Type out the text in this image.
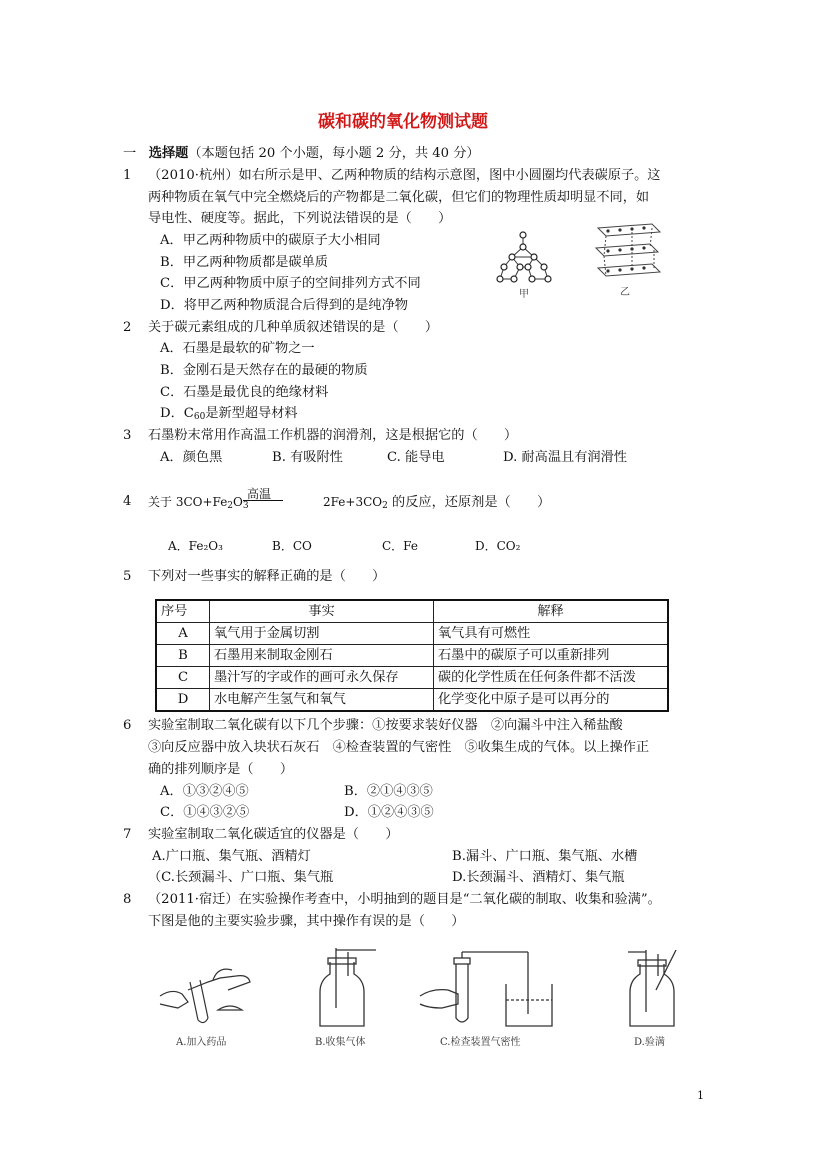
碳和碳的氧化物测试题
一 选择题（本题包括 20 个小题，每小题 2 分，共 40 分）
1 （2010·杭州）如右所示是甲、乙两种物质的结构示意图，图中小圆圈均代表碳原子。这
两种物质在氧气中完全燃烧后的产物都是二氧化碳，但它们的物理性质却明显不同，如
导电性、硬度等。据此，下列说法错误的是（　　）
A．甲乙两种物质中的碳原子大小相同
B．甲乙两种物质都是碳单质
C．甲乙两种物质中原子的空间排列方式不同
D．将甲乙两种物质混合后得到的是纯净物
甲	乙
2 关于碳元素组成的几种单质叙述错误的是（　　）
A．石墨是最软的矿物之一
B．金刚石是天然存在的最硬的物质
C．石墨是最优良的绝缘材料
D．$C_{60}$是新型超导材料
3 石墨粉末常用作高温工作机器的润滑剂，这是根据它的（　　）
A．颜色黑	B. 有吸附性	C. 能导电	D. 耐高温且有润滑性
4 关于 $3CO+Fe_2O_3$
高温
$2Fe+3CO_2$ 的反应，还原剂是（　　）
A．Fe₂O₃	B．CO	C．Fe	D．CO₂
5 下列对一些事实的解释正确的是（　　）
序号	事实	解释
A	氧气用于金属切割	氧气具有可燃性
B	石墨用来制取金刚石	石墨中的碳原子可以重新排列
C	墨汁写的字或作的画可永久保存	碳的化学性质在任何条件都不活泼
D	水电解产生氢气和氧气	化学变化中原子是可以再分的
6 实验室制取二氧化碳有以下几个步骤：①按要求装好仪器　②向漏斗中注入稀盐酸
③向反应器中放入块状石灰石　④检查装置的气密性　⑤收集生成的气体。以上操作正
确的排列顺序是（　　）
A．①③②④⑤	B．②①④③⑤
C．①④③②⑤	D．①②④③⑤
7 实验室制取二氧化碳适宜的仪器是（　　）
A.广口瓶、集气瓶、酒精灯	B.漏斗、广口瓶、集气瓶、水槽
（C.长颈漏斗、广口瓶、集气瓶	D.长颈漏斗、酒精灯、集气瓶
8 （2011·宿迁）在实验操作考查中，小明抽到的题目是“二氧化碳的制取、收集和验满”。
下图是他的主要实验步骤，其中操作有误的是（　　）
A.加入药品	B.收集气体	C.检查装置气密性	D.验满
1
